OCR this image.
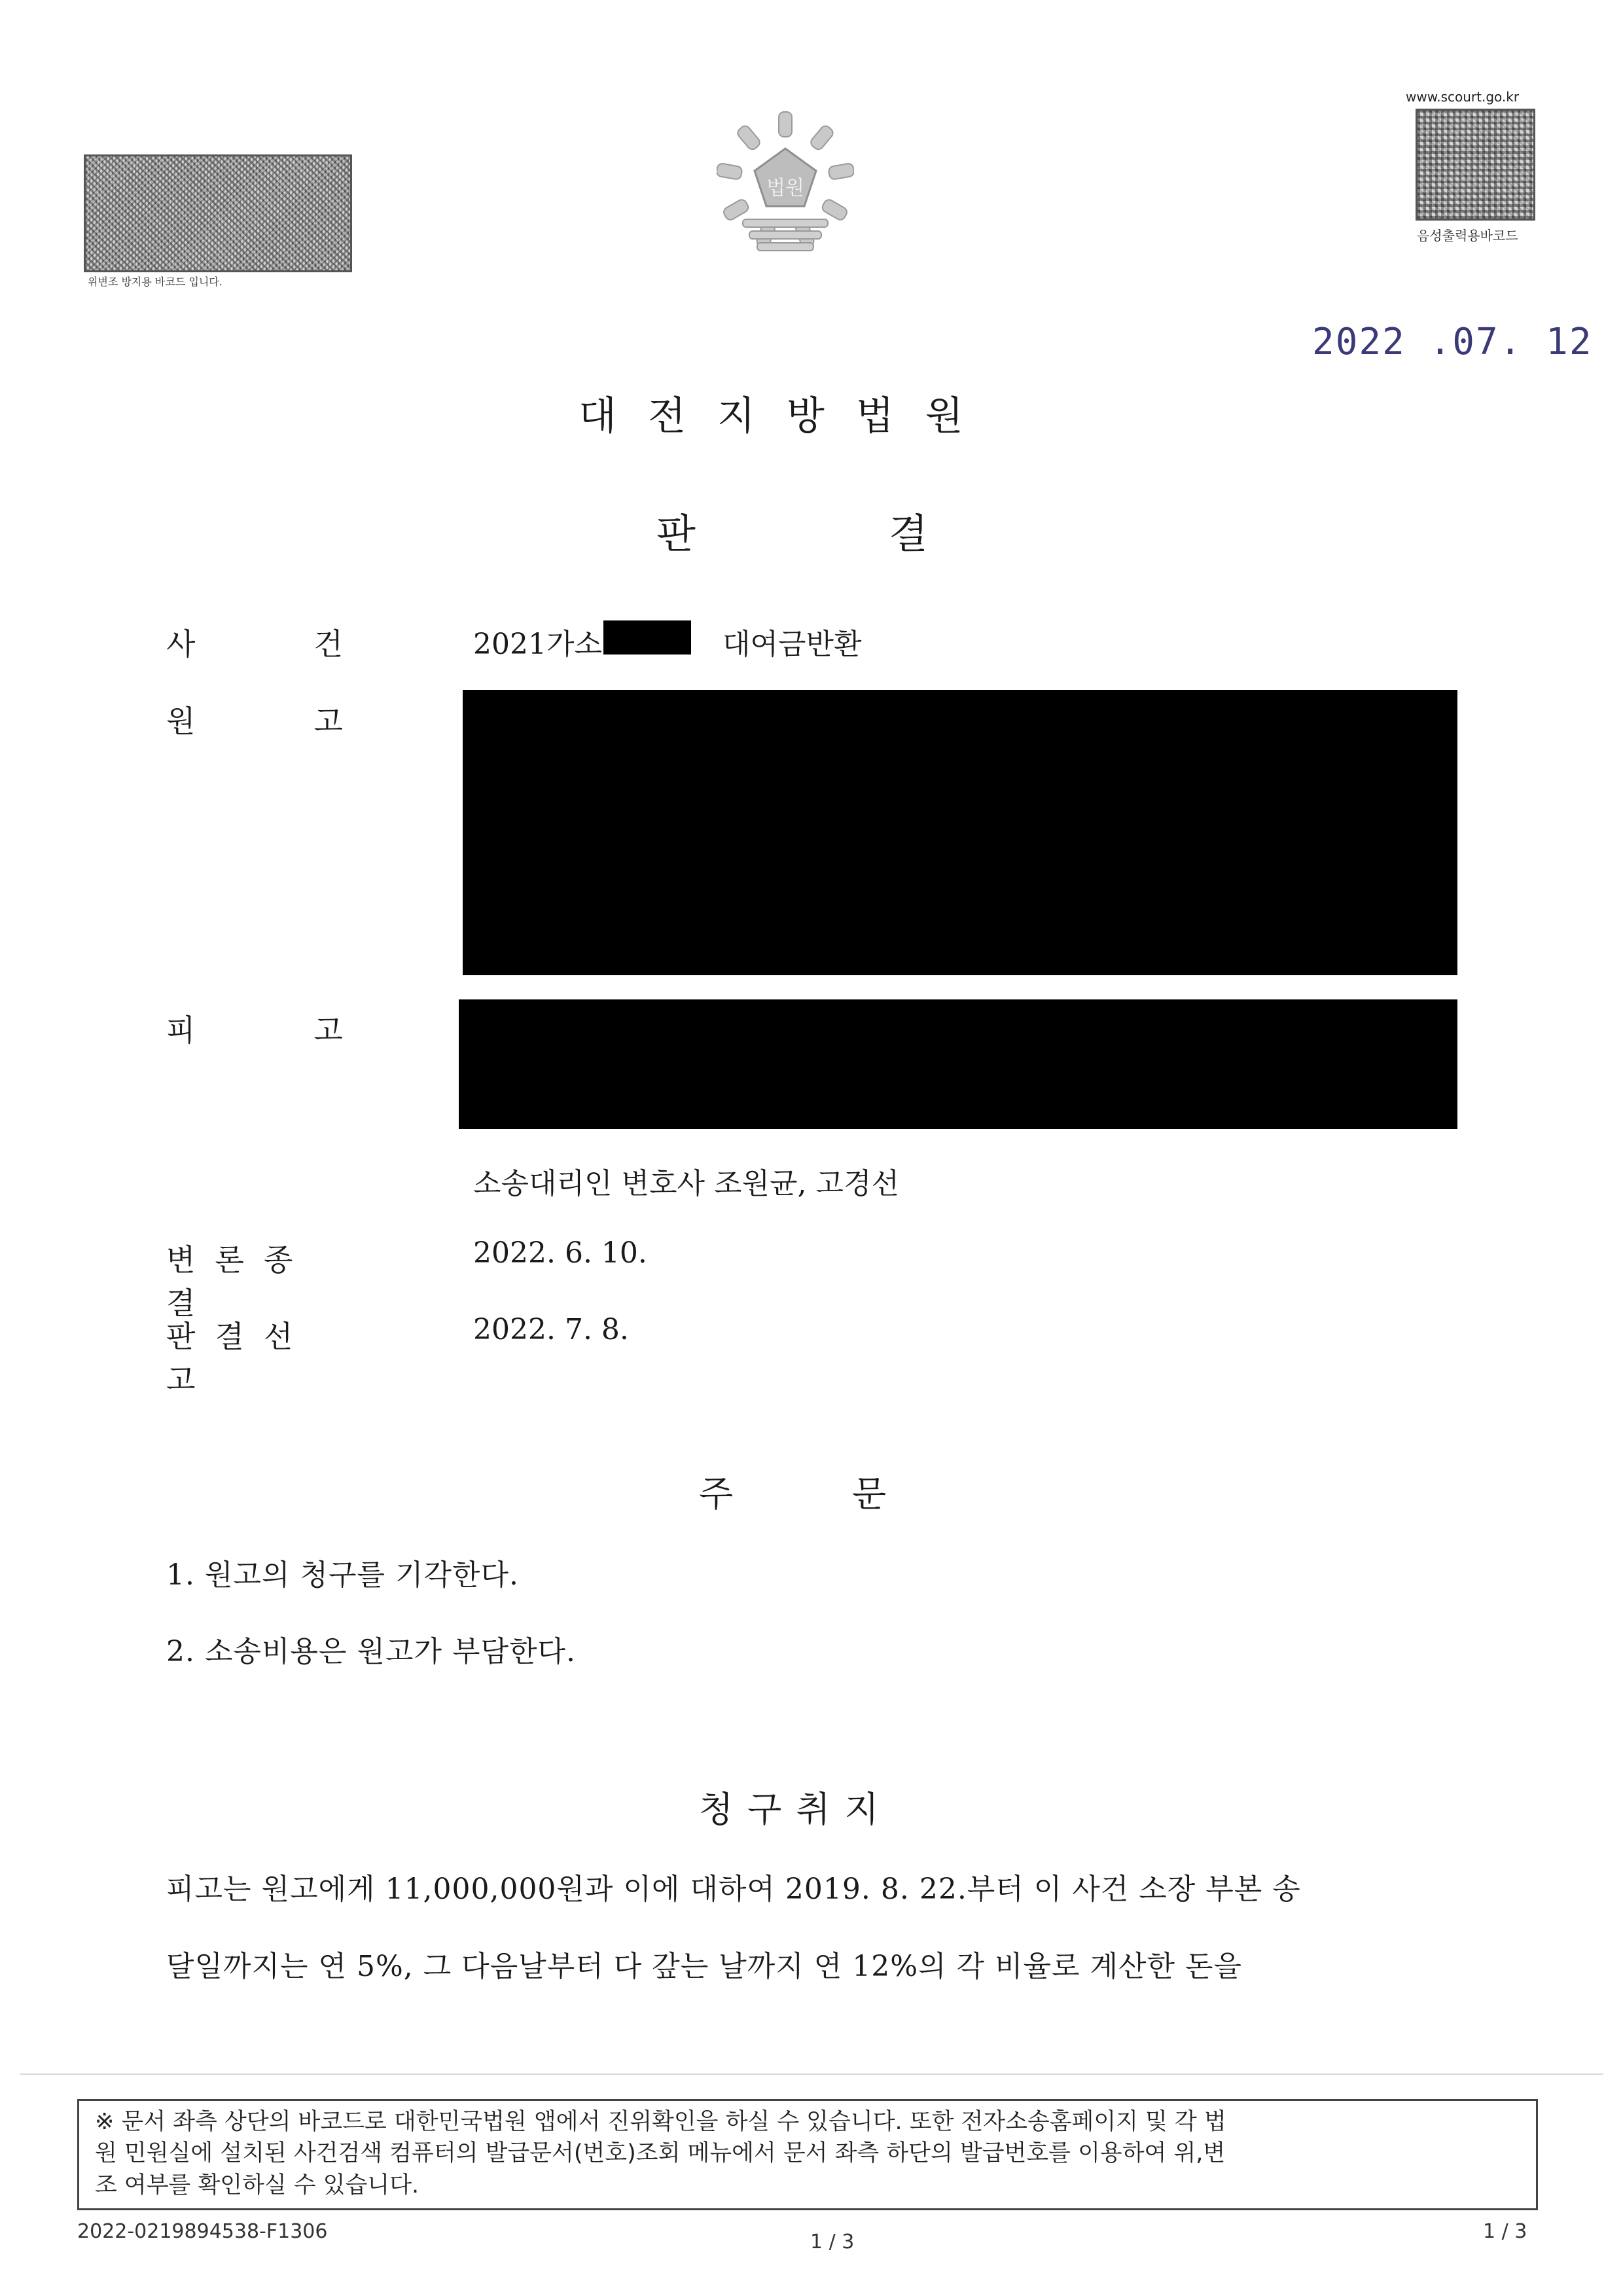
위변조 방지용 바코드 입니다.
법원
www.scourt.go.kr
음성출력용바코드
2022 .07. 12
대전지방법원
판	결
사 건	2021가소	대여금반환
원 고
피 고
소송대리인 변호사 조원균, 고경선
변론종결
2022. 6. 10.
판결선고
2022. 7. 8.
주	문
1. 원고의 청구를 기각한다.
2. 소송비용은 원고가 부담한다.
청구취지
피고는 원고에게 11,000,000원과 이에 대하여 2019. 8. 22.부터 이 사건 소장 부본 송
달일까지는 연 5%, 그 다음날부터 다 갚는 날까지 연 12%의 각 비율로 계산한 돈을
※ 문서 좌측 상단의 바코드로 대한민국법원 앱에서 진위확인을 하실 수 있습니다. 또한 전자소송홈페이지 및 각 법
원 민원실에 설치된 사건검색 컴퓨터의 발급문서(번호)조회 메뉴에서 문서 좌측 하단의 발급번호를 이용하여 위,변
조 여부를 확인하실 수 있습니다.
2022-0219894538-F1306	1 / 3	1 / 3
